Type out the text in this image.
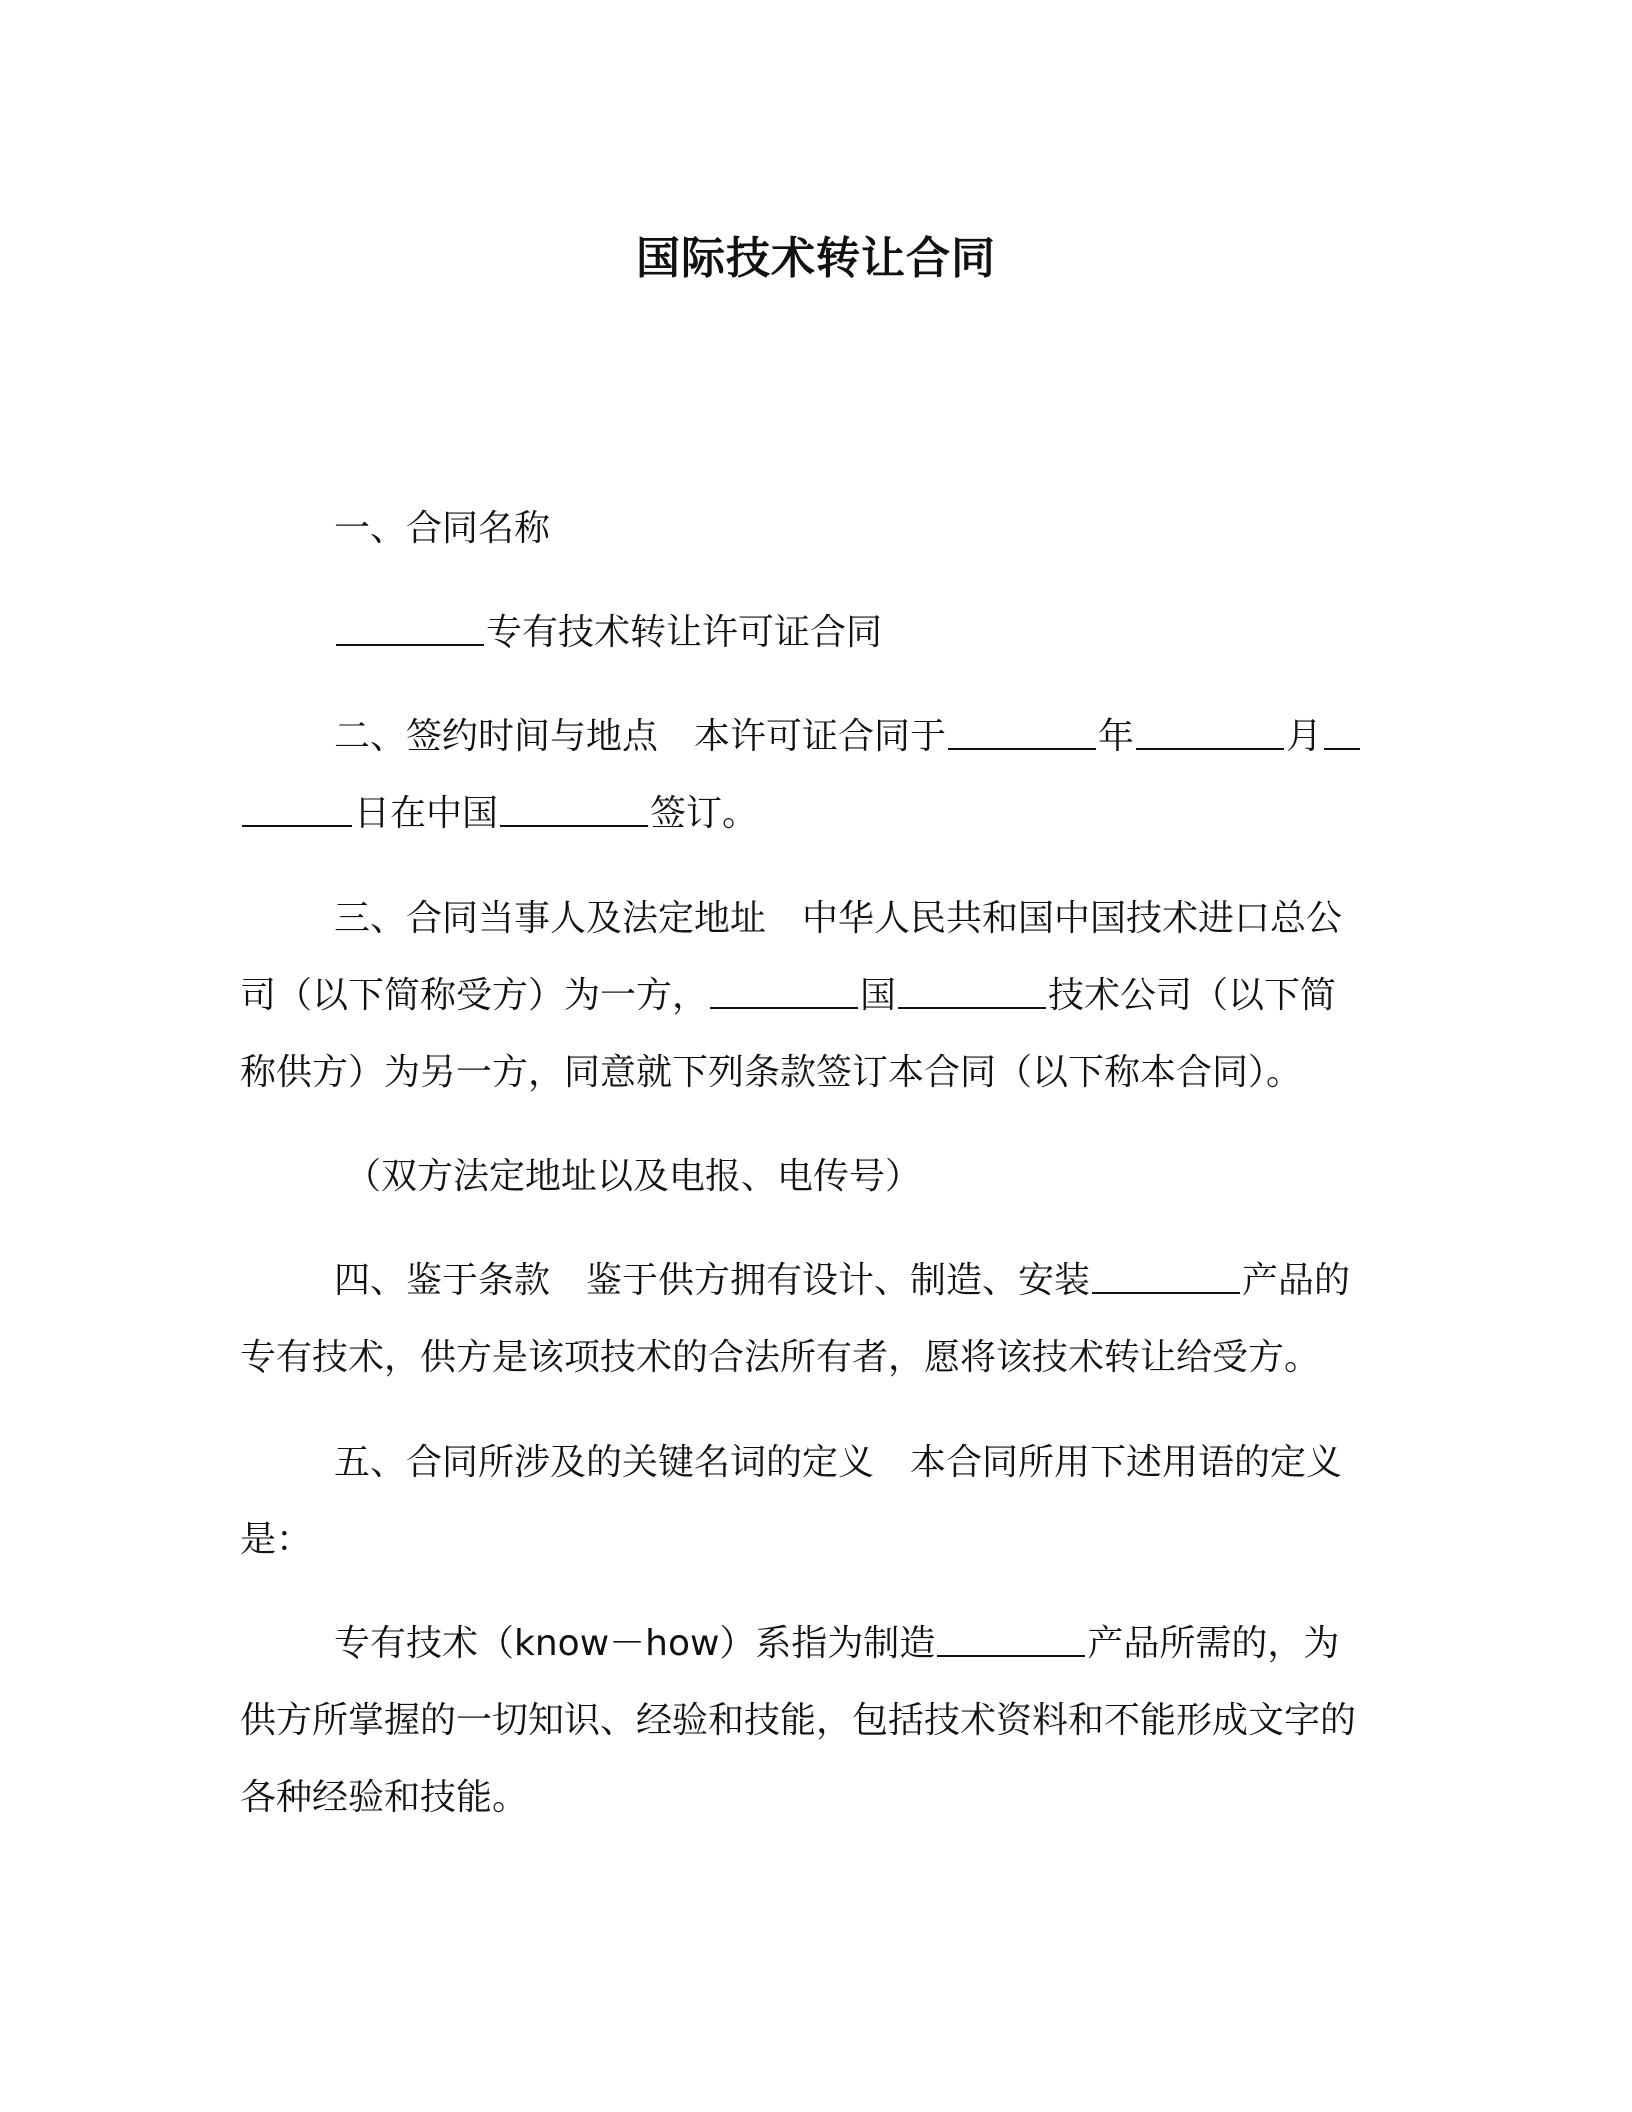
国际技术转让合同

一、合同名称

专有技术转让许可证合同

二、签约时间与地点　 本许可证合同于	年	月 日在中国	签订。

三、合同当事人及法定地址　 中华人民共和国中国技术进口总公司（以下简称受方）为一方，	国	技术公司（以下简称供方）为另一方，同意就下列条款签订本合同（以下称本合同）。

（双方法定地址以及电报、电传号）

四、鉴于条款　 鉴于供方拥有设计、制造、安装	产品的专有技术，供方是该项技术的合法所有者，愿将该技术转让给受方。

五、合同所涉及的关键名词的定义　 本合同所用下述用语的定义是：

专有技术（know－how）系指为制造	产品所需的，为供方所掌握的一切知识、经验和技能，包括技术资料和不能形成文字的各种经验和技能。
